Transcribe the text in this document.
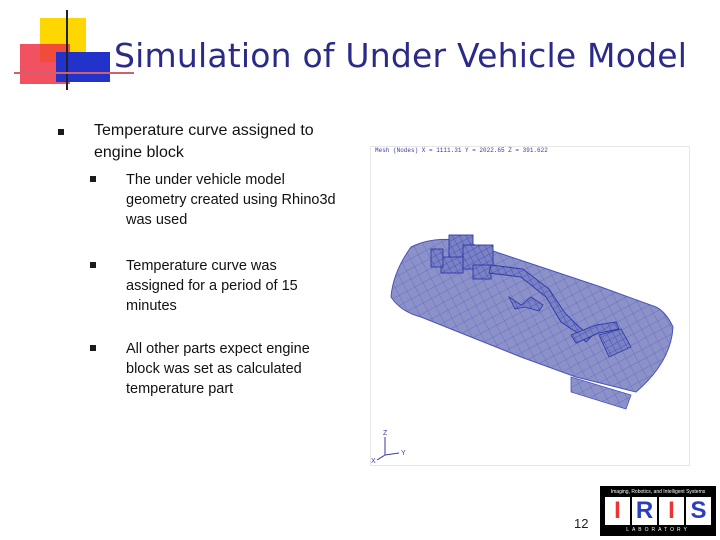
Simulation of Under Vehicle Model
Temperature curve assigned to engine block
The under vehicle model geometry created using Rhino3d was used
Temperature curve was assigned for a period of 15 minutes
All other parts expect engine block was set as calculated temperature part
Mesh (Nodes) X = 1111.31 Y = 2022.65 Z = 391.622
Z
Y
X
12
Imaging, Robotics, and Intelligent Systems
I R I S
LABORATORY
